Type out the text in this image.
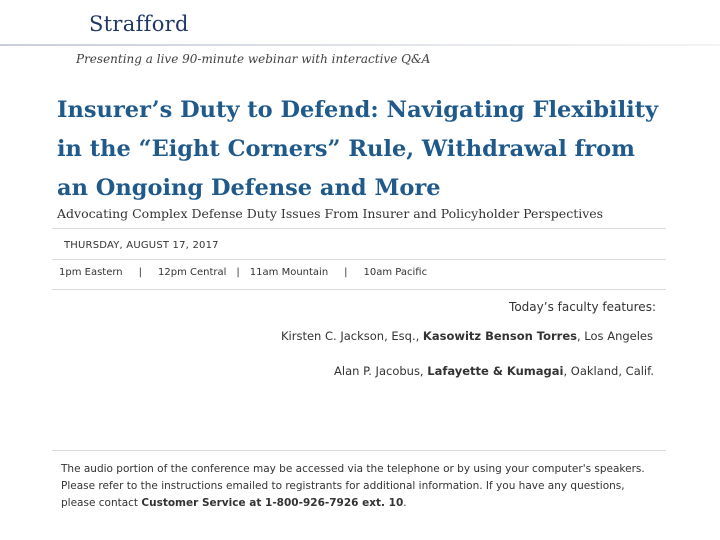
Strafford
Presenting a live 90-minute webinar with interactive Q&A
Insurer’s Duty to Defend: Navigating Flexibility
in the “Eight Corners” Rule, Withdrawal from
an Ongoing Defense and More
Advocating Complex Defense Duty Issues From Insurer and Policyholder Perspectives
THURSDAY, AUGUST 17, 2017
1pm Eastern | 12pm Central | 11am Mountain | 10am Pacific
Today’s faculty features:
Kirsten C. Jackson, Esq., Kasowitz Benson Torres, Los Angeles
Alan P. Jacobus, Lafayette & Kumagai, Oakland, Calif.
The audio portion of the conference may be accessed via the telephone or by using your computer's speakers. Please refer to the instructions emailed to registrants for additional information. If you have any questions, please contact Customer Service at 1-800-926-7926 ext. 10.
